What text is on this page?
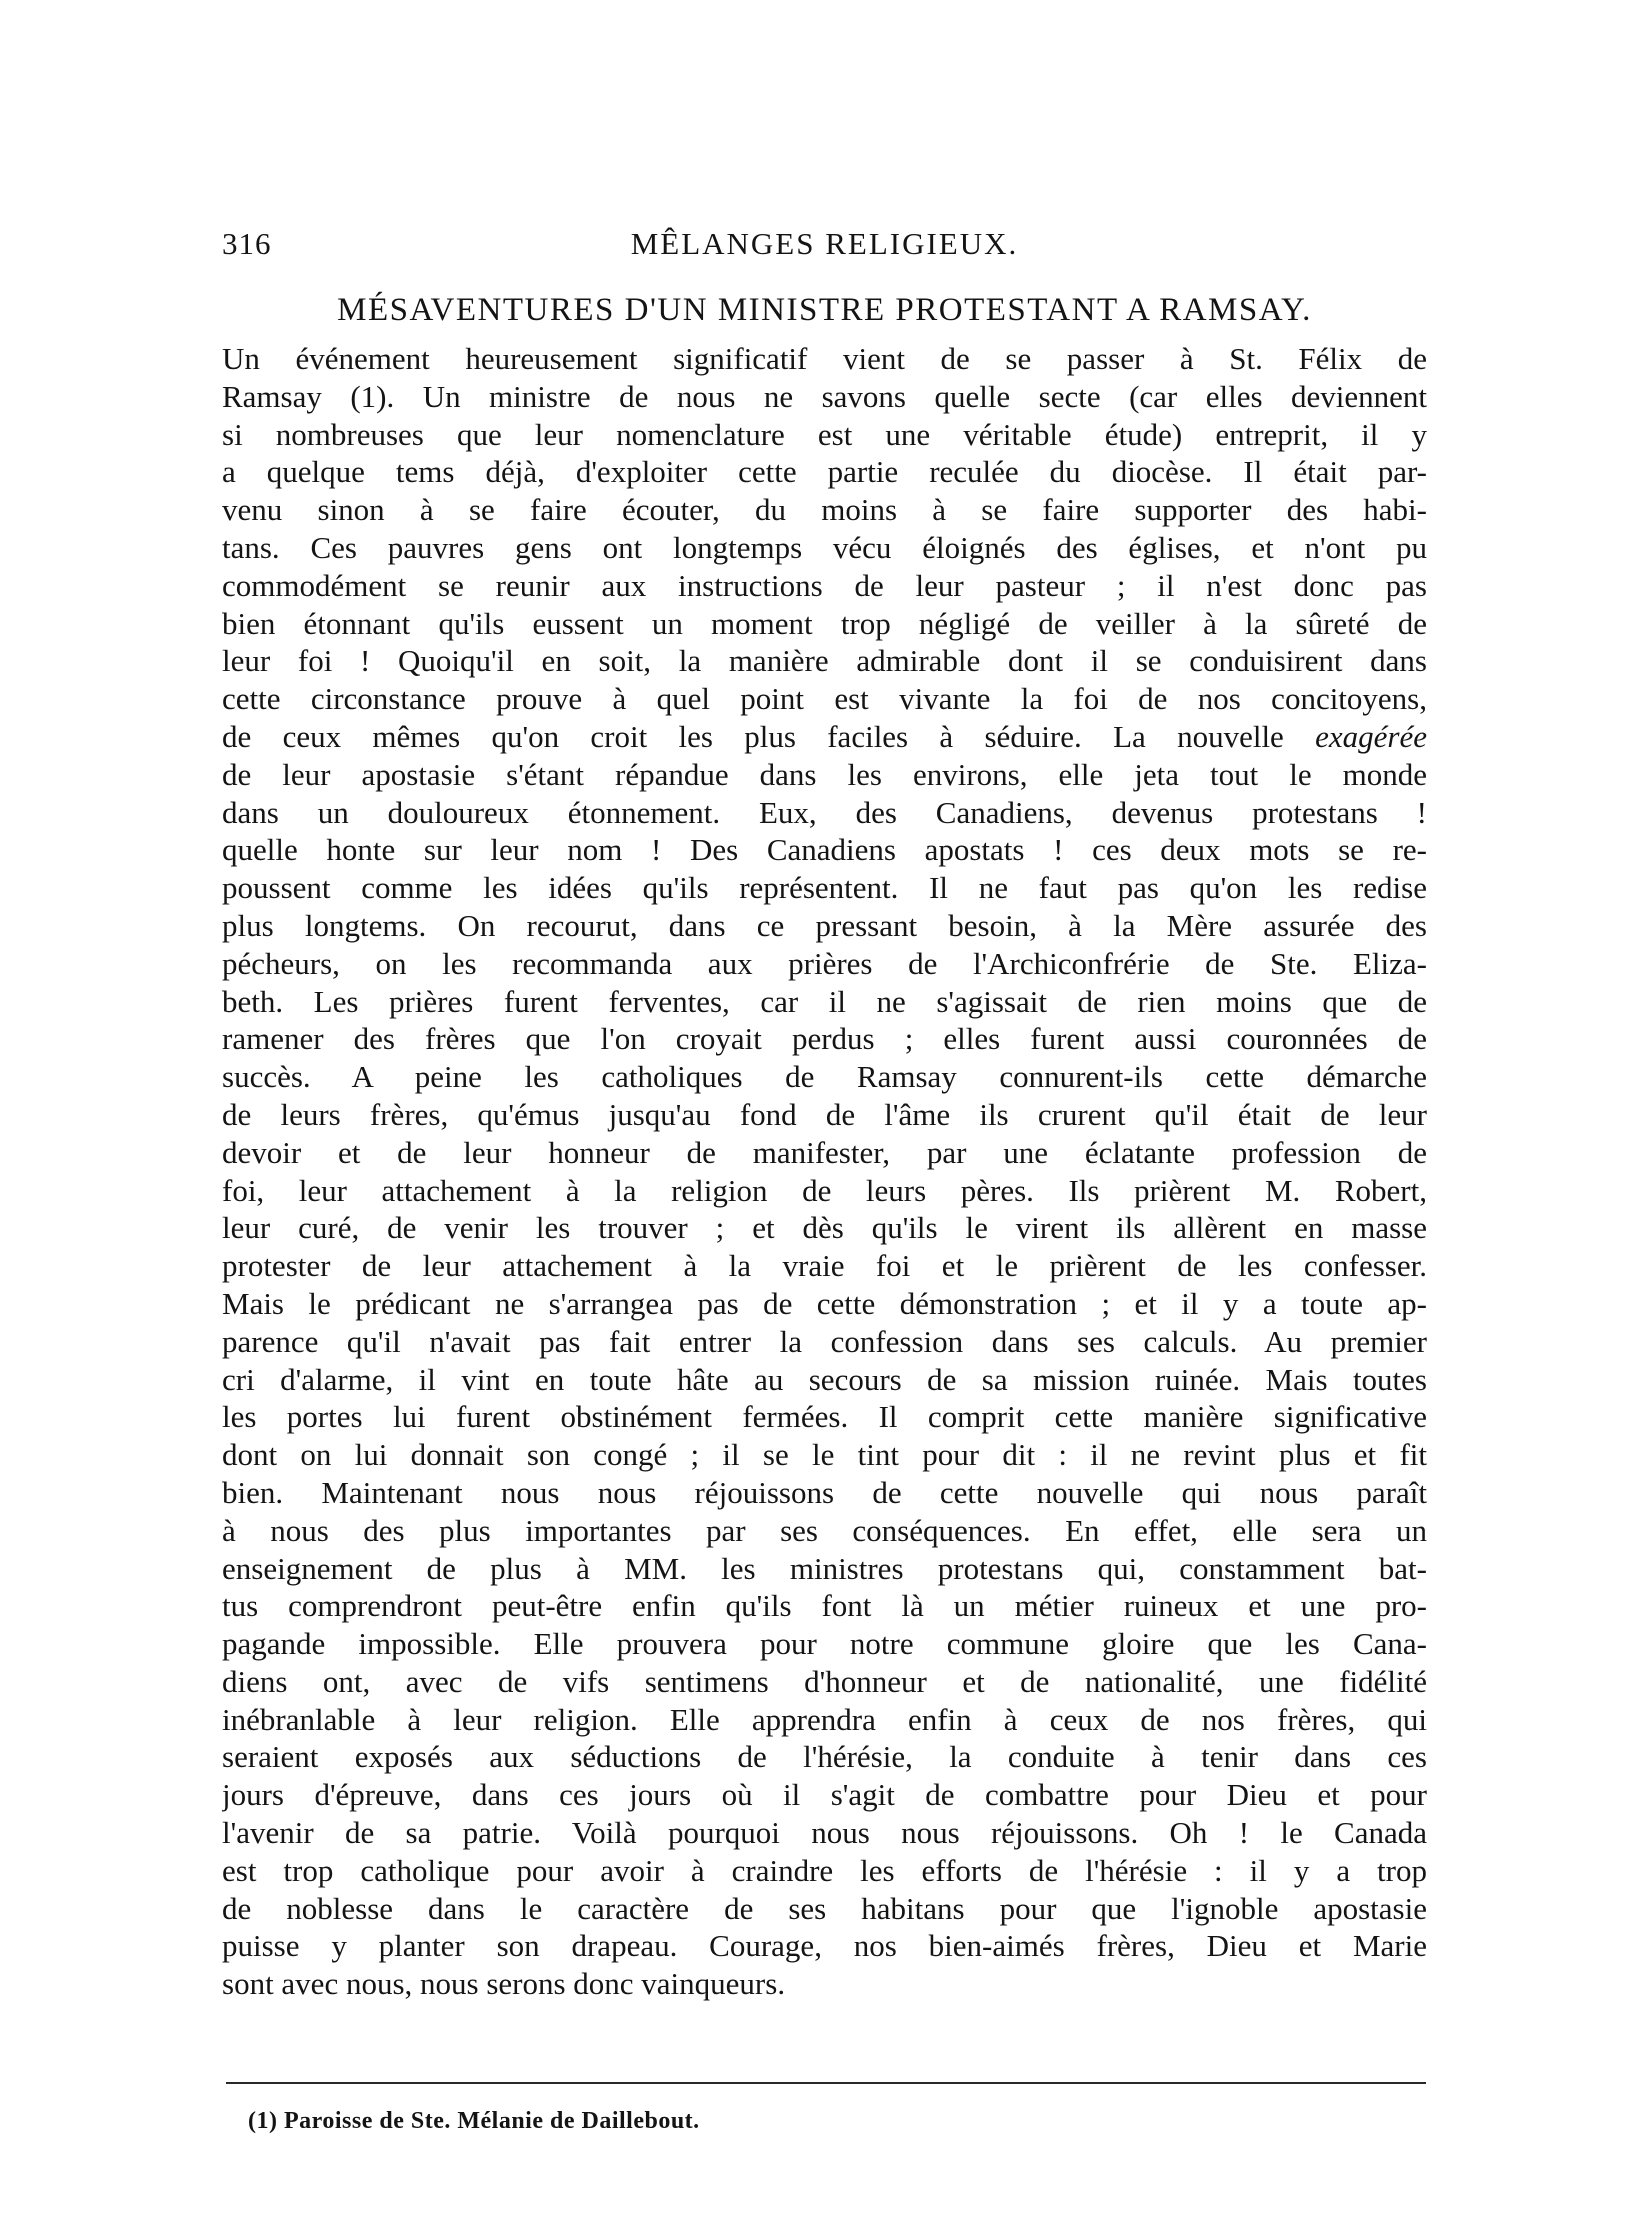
316	MÊLANGES RELIGIEUX.
MÉSAVENTURES D'UN MINISTRE PROTESTANT A RAMSAY.
Un événement heureusement significatif vient de se passer à St. Félix de
Ramsay (1). Un ministre de nous ne savons quelle secte (car elles deviennent
si nombreuses que leur nomenclature est une véritable étude) entreprit, il y
a quelque tems déjà, d'exploiter cette partie reculée du diocèse. Il était par-
venu sinon à se faire écouter, du moins à se faire supporter des habi-
tans. Ces pauvres gens ont longtemps vécu éloignés des églises, et n'ont pu
commodément se reunir aux instructions de leur pasteur ; il n'est donc pas
bien étonnant qu'ils eussent un moment trop négligé de veiller à la sûreté de
leur foi ! Quoiqu'il en soit, la manière admirable dont il se conduisirent dans
cette circonstance prouve à quel point est vivante la foi de nos concitoyens,
de ceux mêmes qu'on croit les plus faciles à séduire. La nouvelle exagérée
de leur apostasie s'étant répandue dans les environs, elle jeta tout le monde
dans un douloureux étonnement. Eux, des Canadiens, devenus protestans !
quelle honte sur leur nom ! Des Canadiens apostats ! ces deux mots se re-
poussent comme les idées qu'ils représentent. Il ne faut pas qu'on les redise
plus longtems. On recourut, dans ce pressant besoin, à la Mère assurée des
pécheurs, on les recommanda aux prières de l'Archiconfrérie de Ste. Eliza-
beth. Les prières furent ferventes, car il ne s'agissait de rien moins que de
ramener des frères que l'on croyait perdus ; elles furent aussi couronnées de
succès. A peine les catholiques de Ramsay connurent-ils cette démarche
de leurs frères, qu'émus jusqu'au fond de l'âme ils crurent qu'il était de leur
devoir et de leur honneur de manifester, par une éclatante profession de
foi, leur attachement à la religion de leurs pères. Ils prièrent M. Robert,
leur curé, de venir les trouver ; et dès qu'ils le virent ils allèrent en masse
protester de leur attachement à la vraie foi et le prièrent de les confesser.
Mais le prédicant ne s'arrangea pas de cette démonstration ; et il y a toute ap-
parence qu'il n'avait pas fait entrer la confession dans ses calculs. Au premier
cri d'alarme, il vint en toute hâte au secours de sa mission ruinée. Mais toutes
les portes lui furent obstinément fermées. Il comprit cette manière significative
dont on lui donnait son congé ; il se le tint pour dit : il ne revint plus et fit
bien. Maintenant nous nous réjouissons de cette nouvelle qui nous paraît
à nous des plus importantes par ses conséquences. En effet, elle sera un
enseignement de plus à MM. les ministres protestans qui, constamment bat-
tus comprendront peut-être enfin qu'ils font là un métier ruineux et une pro-
pagande impossible. Elle prouvera pour notre commune gloire que les Cana-
diens ont, avec de vifs sentimens d'honneur et de nationalité, une fidélité
inébranlable à leur religion. Elle apprendra enfin à ceux de nos frères, qui
seraient exposés aux séductions de l'hérésie, la conduite à tenir dans ces
jours d'épreuve, dans ces jours où il s'agit de combattre pour Dieu et pour
l'avenir de sa patrie. Voilà pourquoi nous nous réjouissons. Oh ! le Canada
est trop catholique pour avoir à craindre les efforts de l'hérésie : il y a trop
de noblesse dans le caractère de ses habitans pour que l'ignoble apostasie
puisse y planter son drapeau. Courage, nos bien-aimés frères, Dieu et Marie
sont avec nous, nous serons donc vainqueurs.
(1) Paroisse de Ste. Mélanie de Daillebout.
